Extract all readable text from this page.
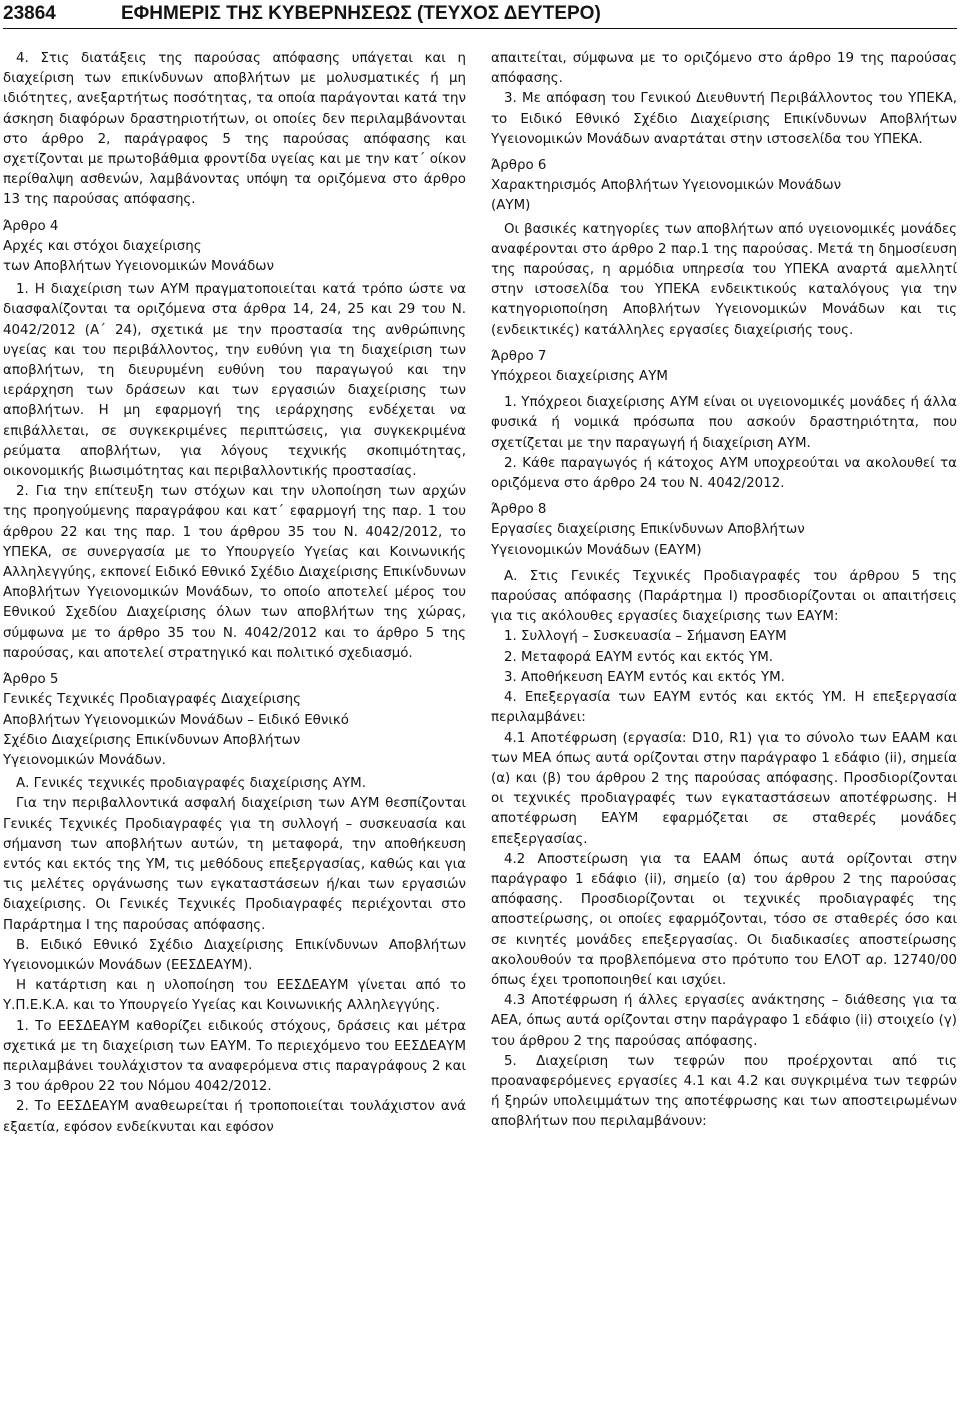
23864	ΕΦΗΜΕΡΙΣ ΤΗΣ ΚΥΒΕΡΝΗΣΕΩΣ (ΤΕΥΧΟΣ ΔΕΥΤΕΡΟ)

4. Στις διατάξεις της παρούσας απόφασης υπάγεται και η διαχείριση των επικίνδυνων αποβλήτων με μολυσματικές ή μη ιδιότητες, ανεξαρτήτως ποσότητας, τα οποία παράγονται κατά την άσκηση διαφόρων δραστηριοτήτων, οι οποίες δεν περιλαμβάνονται στο άρθρο 2, παράγραφος 5 της παρούσας απόφασης και σχετίζονται με πρωτοβάθμια φροντίδα υγείας και με την κατ΄ οίκον περίθαλψη ασθενών, λαμβάνοντας υπόψη τα οριζόμενα στο άρθρο 13 της παρούσας απόφασης.

Άρθρο 4

Αρχές και στόχοι διαχείρισης

των Αποβλήτων Υγειονομικών Μονάδων

1. Η διαχείριση των ΑΥΜ πραγματοποιείται κατά τρόπο ώστε να διασφαλίζονται τα οριζόμενα στα άρθρα 14, 24, 25 και 29 του Ν. 4042/2012 (Α΄ 24), σχετικά με την προστασία της ανθρώπινης υγείας και του περιβάλλοντος, την ευθύνη για τη διαχείριση των αποβλήτων, τη διευρυμένη ευθύνη του παραγωγού και την ιεράρχηση των δράσεων και των εργασιών διαχείρισης των αποβλήτων. Η μη εφαρμογή της ιεράρχησης ενδέχεται να επιβάλλεται, σε συγκεκριμένες περιπτώσεις, για συγκεκριμένα ρεύματα αποβλήτων, για λόγους τεχνικής σκοπιμότητας, οικονομικής βιωσιμότητας και περιβαλλοντικής προστασίας.

2. Για την επίτευξη των στόχων και την υλοποίηση των αρχών της προηγούμενης παραγράφου και κατ΄ εφαρμογή της παρ. 1 του άρθρου 22 και της παρ. 1 του άρθρου 35 του Ν. 4042/2012, το ΥΠΕΚΑ, σε συνεργασία με το Υπουργείο Υγείας και Κοινωνικής Αλληλεγγύης, εκπονεί Ειδικό Εθνικό Σχέδιο Διαχείρισης Επικίνδυνων Αποβλήτων Υγειονομικών Μονάδων, το οποίο αποτελεί μέρος του Εθνικού Σχεδίου Διαχείρισης όλων των αποβλήτων της χώρας, σύμφωνα με το άρθρο 35 του Ν. 4042/2012 και το άρθρο 5 της παρούσας, και αποτελεί στρατηγικό και πολιτικό σχεδιασμό.

Άρθρο 5

Γενικές Τεχνικές Προδιαγραφές Διαχείρισης

Αποβλήτων Υγειονομικών Μονάδων – Ειδικό Εθνικό

Σχέδιο Διαχείρισης Επικίνδυνων Αποβλήτων

Υγειονομικών Μονάδων.

Α. Γενικές τεχνικές προδιαγραφές διαχείρισης ΑΥΜ.

Για την περιβαλλοντικά ασφαλή διαχείριση των ΑΥΜ θεσπίζονται Γενικές Τεχνικές Προδιαγραφές για τη συλλογή – συσκευασία και σήμανση των αποβλήτων αυτών, τη μεταφορά, την αποθήκευση εντός και εκτός της ΥΜ, τις μεθόδους επεξεργασίας, καθώς και για τις μελέτες οργάνωσης των εγκαταστάσεων ή/και των εργασιών διαχείρισης. Οι Γενικές Τεχνικές Προδιαγραφές περιέχονται στο Παράρτημα Ι της παρούσας απόφασης.

Β. Ειδικό Εθνικό Σχέδιο Διαχείρισης Επικίνδυνων Αποβλήτων Υγειονομικών Μονάδων (ΕΕΣΔΕΑΥΜ).

Η κατάρτιση και η υλοποίηση του ΕΕΣΔΕΑΥΜ γίνεται από το Υ.Π.Ε.Κ.Α. και το Υπουργείο Υγείας και Κοινωνικής Αλληλεγγύης.

1. Το ΕΕΣΔΕΑΥΜ καθορίζει ειδικούς στόχους, δράσεις και μέτρα σχετικά με τη διαχείριση των ΕΑΥΜ. Το περιεχόμενο του ΕΕΣΔΕΑΥΜ περιλαμβάνει τουλάχιστον τα αναφερόμενα στις παραγράφους 2 και 3 του άρθρου 22 του Νόμου 4042/2012.

2. Το ΕΕΣΔΕΑΥΜ αναθεωρείται ή τροποποιείται τουλάχιστον ανά εξαετία, εφόσον ενδείκνυται και εφόσον

απαιτείται, σύμφωνα με το οριζόμενο στο άρθρο 19 της παρούσας απόφασης.

3. Με απόφαση του Γενικού Διευθυντή Περιβάλλοντος του ΥΠΕΚΑ, το Ειδικό Εθνικό Σχέδιο Διαχείρισης Επικίνδυνων Αποβλήτων Υγειονομικών Μονάδων αναρτάται στην ιστοσελίδα του ΥΠΕΚΑ.

Άρθρο 6

Χαρακτηρισμός Αποβλήτων Υγειονομικών Μονάδων

(ΑΥΜ)

Οι βασικές κατηγορίες των αποβλήτων από υγειονομικές μονάδες αναφέρονται στο άρθρο 2 παρ.1 της παρούσας. Μετά τη δημοσίευση της παρούσας, η αρμόδια υπηρεσία του ΥΠΕΚΑ αναρτά αμελλητί στην ιστοσελίδα του ΥΠΕΚΑ ενδεικτικούς καταλόγους για την κατηγοριοποίηση Αποβλήτων Υγειονομικών Μονάδων και τις (ενδεικτικές) κατάλληλες εργασίες διαχείρισής τους.

Άρθρο 7

Υπόχρεοι διαχείρισης ΑΥΜ

1. Υπόχρεοι διαχείρισης ΑΥΜ είναι οι υγειονομικές μονάδες ή άλλα φυσικά ή νομικά πρόσωπα που ασκούν δραστηριότητα, που σχετίζεται με την παραγωγή ή διαχείριση ΑΥΜ.

2. Κάθε παραγωγός ή κάτοχος ΑΥΜ υποχρεούται να ακολουθεί τα οριζόμενα στο άρθρο 24 του Ν. 4042/2012.

Άρθρο 8

Εργασίες διαχείρισης Επικίνδυνων Αποβλήτων

Υγειονομικών Μονάδων (ΕΑΥΜ)

Α. Στις Γενικές Τεχνικές Προδιαγραφές του άρθρου 5 της παρούσας απόφασης (Παράρτημα Ι) προσδιορίζονται οι απαιτήσεις για τις ακόλουθες εργασίες διαχείρισης των ΕΑΥΜ:

1. Συλλογή – Συσκευασία – Σήμανση ΕΑΥΜ

2. Μεταφορά ΕΑΥΜ εντός και εκτός ΥΜ.

3. Αποθήκευση ΕΑΥΜ εντός και εκτός ΥΜ.

4. Επεξεργασία των ΕΑΥΜ εντός και εκτός ΥΜ. Η επεξεργασία περιλαμβάνει:

4.1 Αποτέφρωση (εργασία: D10, R1) για το σύνολο των ΕΑΑΜ και των ΜΕΑ όπως αυτά ορίζονται στην παράγραφο 1 εδάφιο (ii), σημεία (α) και (β) του άρθρου 2 της παρούσας απόφασης. Προσδιορίζονται οι τεχνικές προδιαγραφές των εγκαταστάσεων αποτέφρωσης. Η αποτέφρωση ΕΑΥΜ εφαρμόζεται σε σταθερές μονάδες επεξεργασίας.

4.2 Αποστείρωση για τα ΕΑΑΜ όπως αυτά ορίζονται στην παράγραφο 1 εδάφιο (ii), σημείο (α) του άρθρου 2 της παρούσας απόφασης. Προσδιορίζονται οι τεχνικές προδιαγραφές της αποστείρωσης, οι οποίες εφαρμόζονται, τόσο σε σταθερές όσο και σε κινητές μονάδες επεξεργασίας. Οι διαδικασίες αποστείρωσης ακολουθούν τα προβλεπόμενα στο πρότυπο του ΕΛΟΤ αρ. 12740/00 όπως έχει τροποποιηθεί και ισχύει.

4.3 Αποτέφρωση ή άλλες εργασίες ανάκτησης – διάθεσης για τα ΑΕΑ, όπως αυτά ορίζονται στην παράγραφο 1 εδάφιο (ii) στοιχείο (γ) του άρθρου 2 της παρούσας απόφασης.

5. Διαχείριση των τεφρών που προέρχονται από τις προαναφερόμενες εργασίες 4.1 και 4.2 και συγκριμένα των τεφρών ή ξηρών υπολειμμάτων της αποτέφρωσης και των αποστειρωμένων αποβλήτων που περιλαμβάνουν:
